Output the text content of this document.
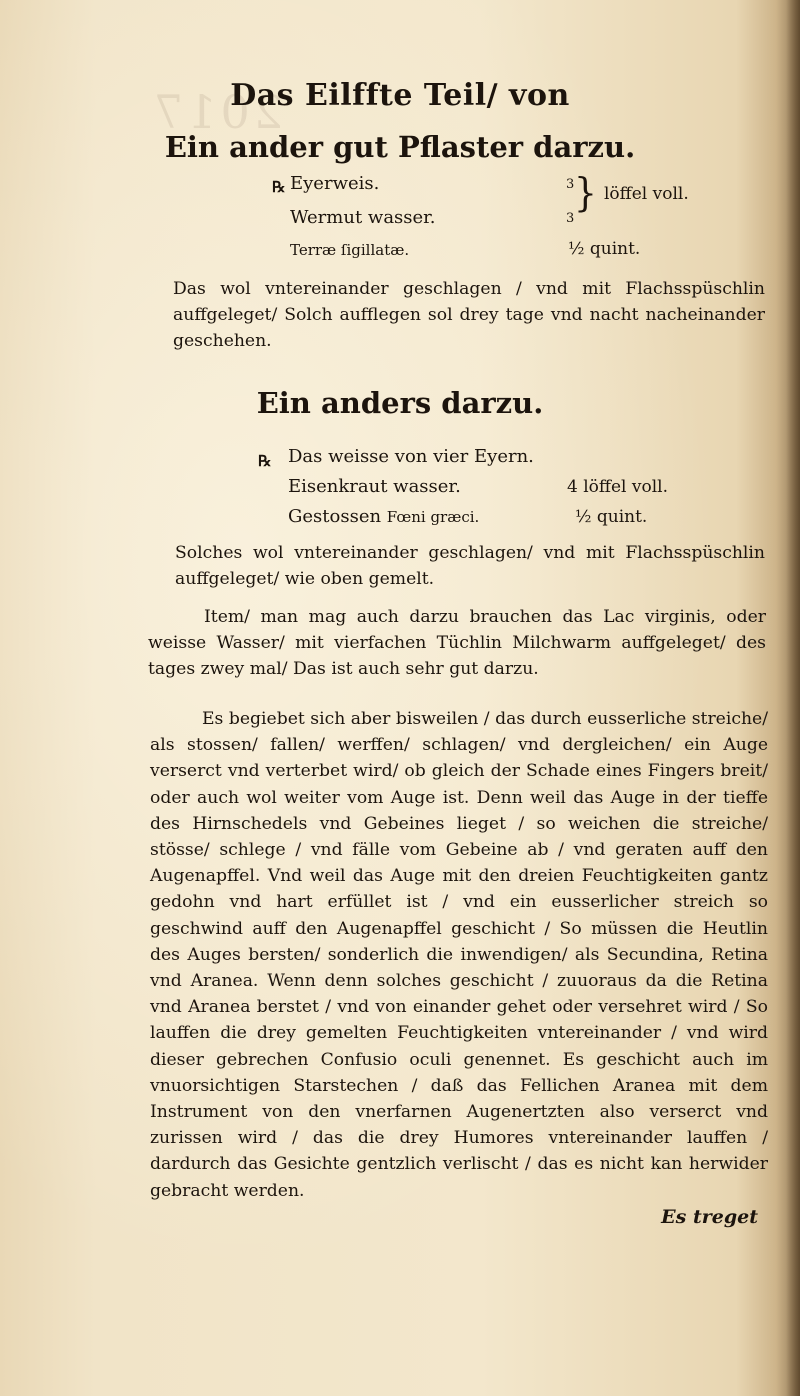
2017
Das Eilffte Teil/ von
Ein ander gut Pflaster darzu.
℞ Eyerweis.
Wermut wasser.
Terræ ſigillatæ.
3
3
} löffel voll.
½ quint.

Das wol vntereinander geschlagen / vnd mit Flachsspüschlin auffgeleget/ Solch aufflegen sol drey tage vnd nacht nacheinander geschehen.

Ein anders darzu.
℞ Das weisse von vier Eyern.
Eisenkraut wasser.
Gestossen Fœni græci.
4 löffel voll.
½ quint.

Solches wol vntereinander geschlagen/ vnd mit Flachsspüschlin auffgeleget/ wie oben gemelt.

Item/ man mag auch darzu brauchen das Lac virginis, oder weisse Wasser/ mit vierfachen Tüchlin Milchwarm auffgeleget/ des tages zwey mal/ Das ist auch sehr gut darzu.

Es begiebet sich aber bisweilen / das durch eusserliche streiche/ als stossen/ fallen/ werffen/ schlagen/ vnd dergleichen/ ein Auge verserct vnd verterbet wird/ ob gleich der Schade eines Fingers breit/ oder auch wol weiter vom Auge ist. Denn weil das Auge in der tieffe des Hirnschedels vnd Gebeines lieget / so weichen die streiche/ stösse/ schlege / vnd fälle vom Gebeine ab / vnd geraten auff den Augenapffel. Vnd weil das Auge mit den dreien Feuchtigkeiten gantz gedohn vnd hart erfüllet ist / vnd ein eusserlicher streich so geschwind auff den Augenapffel geschicht / So müssen die Heutlin des Auges bersten/ sonderlich die inwendigen/ als Secundina, Retina vnd Aranea. Wenn denn solches geschicht / zuuoraus da die Retina vnd Aranea berstet / vnd von einander gehet oder versehret wird / So lauffen die drey gemelten Feuchtigkeiten vntereinander / vnd wird dieser gebrechen Confusio oculi genennet. Es geschicht auch im vnuorsichtigen Starstechen / daß das Fellichen Aranea mit dem Instrument von den vnerfarnen Augenertzten also verserct vnd zurissen wird / das die drey Humores vntereinander lauffen / dardurch das Gesichte gentzlich verlischt / das es nicht kan herwider gebracht werden.

Es treget
